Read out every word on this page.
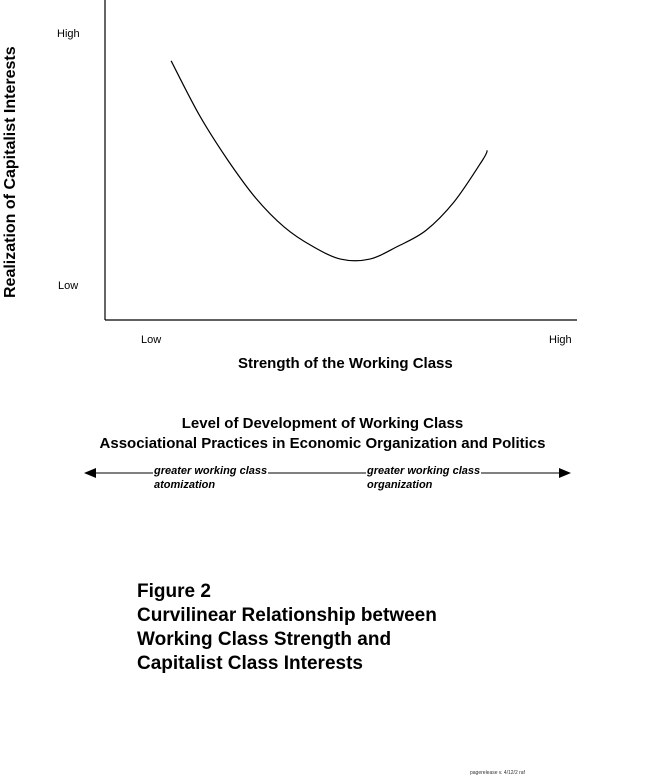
Realization of Capitalist Interests
High
Low
Low	High
Strength of the Working Class
Level of Development of Working Class
Associational Practices in Economic Organization and Politics
greater working class
atomization
greater working class
organization
Figure 2
Curvilinear Relationship between
Working Class Strength and
Capitalist Class Interests
pagerelease v. 4/12/2 raf
